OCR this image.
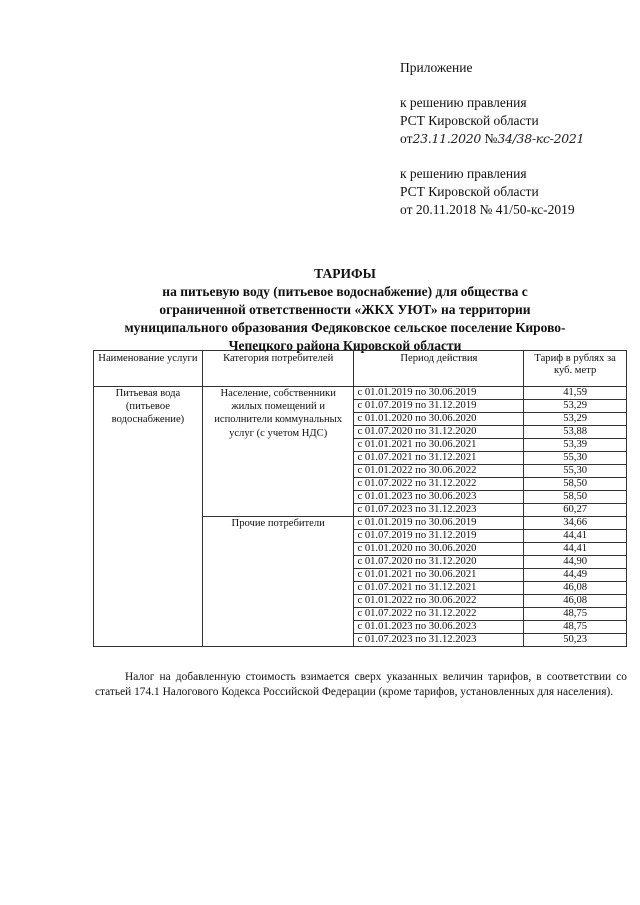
Приложение
к решению правления
РСТ Кировской области
от23.11.2020 №34/38-кс-2021
к решению правления
РСТ Кировской области
от 20.11.2018 № 41/50-кс-2019
ТАРИФЫ
на питьевую воду (питьевое водоснабжение) для общества с
ограниченной ответственности «ЖКХ УЮТ» на территории
муниципального образования Федяковское сельское поселение Кирово-
Чепецкого района Кировской области
Наименование услуги	Категория потребителей	Период действия	Тариф в рублях за куб. метр
Питьевая вода (питьевое водоснабжение)	Население, собственники жилых помещений и исполнители коммунальных услуг (с учетом НДС)	с 01.01.2019 по 30.06.2019	41,59
		с 01.07.2019 по 31.12.2019	53,29
		с 01.01.2020 по 30.06.2020	53,29
		с 01.07.2020 по 31.12.2020	53,88
		с 01.01.2021 по 30.06.2021	53,39
		с 01.07.2021 по 31.12.2021	55,30
		с 01.01.2022 по 30.06.2022	55,30
		с 01.07.2022 по 31.12.2022	58,50
		с 01.01.2023 по 30.06.2023	58,50
		с 01.07.2023 по 31.12.2023	60,27
	Прочие потребители	с 01.01.2019 по 30.06.2019	34,66
		с 01.07.2019 по 31.12.2019	44,41
		с 01.01.2020 по 30.06.2020	44,41
		с 01.07.2020 по 31.12.2020	44,90
		с 01.01.2021 по 30.06.2021	44,49
		с 01.07.2021 по 31.12.2021	46,08
		с 01.01.2022 по 30.06.2022	46,08
		с 01.07.2022 по 31.12.2022	48,75
		с 01.01.2023 по 30.06.2023	48,75
		с 01.07.2023 по 31.12.2023	50,23
Налог на добавленную стоимость взимается сверх указанных величин тарифов, в соответствии со статьей 174.1 Налогового Кодекса Российской Федерации (кроме тарифов, установленных для населения).
